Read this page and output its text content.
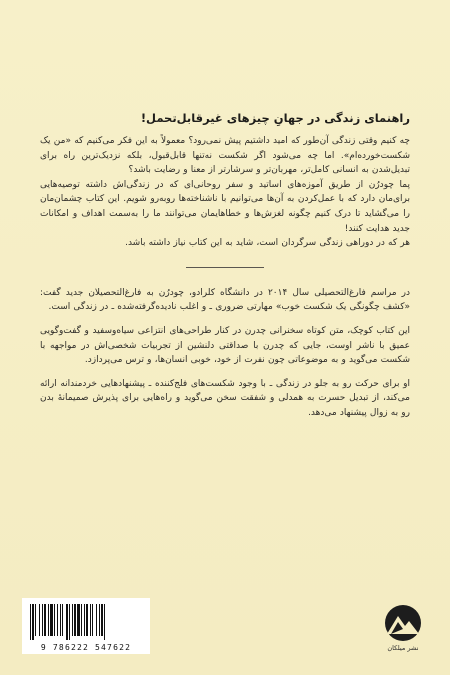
راهنمای زندگی در جهانِ چیزهای غیرقابل‌تحمل!

چه کنیم وقتی زندگی آن‌طور که امید داشتیم پیش نمی‌رود؟ معمولاً به این فکر می‌کنیم که «من یک شکست‌خورده‌ام». اما چه می‌شود اگر شکست نه‌تنها قابل‌قبول، بلکه نزدیک‌ترین راه برای تبدیل‌شدن به انسانی کامل‌تر، مهربان‌تر و سرشارتر از معنا و رضایت باشد؟

پما چودرُن از طریق آموزه‌های اساتید و سفر روحانی‌ای که در زندگی‌اش داشته توصیه‌هایی برای‌مان دارد که با عمل‌کردن به آن‌ها می‌توانیم با ناشناخته‌ها روبه‌رو شویم. این کتاب چشمان‌مان را می‌گشاید تا درک کنیم چگونه لغزش‌ها و خطاهایمان می‌توانند ما را به‌سمت اهداف و امکانات جدید هدایت کنند!

هر که در دوراهی زندگی سرگردان است، شاید به این کتاب نیاز داشته باشد.

در مراسم فارغ‌التحصیلی سال ۲۰۱۴ در دانشگاه کلرادو، چودرُن به فارغ‌التحصیلان جدید گفت: «کشف چگونگی یک شکست خوب» مهارتی ضروری ـ و اغلب نادیده‌گرفته‌شده ـ در زندگی است.

این کتاب کوچک، متن کوتاه سخنرانی چدرن در کنار طراحی‌های انتزاعی سیاه‌وسفید و گفت‌وگویی عمیق با ناشر اوست، جایی که چدرن با صداقتی دلنشین از تجربیات شخصی‌اش در مواجهه با شکست می‌گوید و به موضوعاتی چون نفرت از خود، خوبی انسان‌ها، و ترس می‌پردازد.

او برای حرکت رو به جلو در زندگی ـ با وجود شکست‌های فلج‌کننده ـ پیشنهادهایی خردمندانه ارائه می‌کند، از تبدیل حسرت به همدلی و شفقت سخن می‌گوید و راه‌هایی برای پذیرش صمیمانهٔ بدن رو به زوال پیشنهاد می‌دهد.

9 786222 547622	نشر میلکان
